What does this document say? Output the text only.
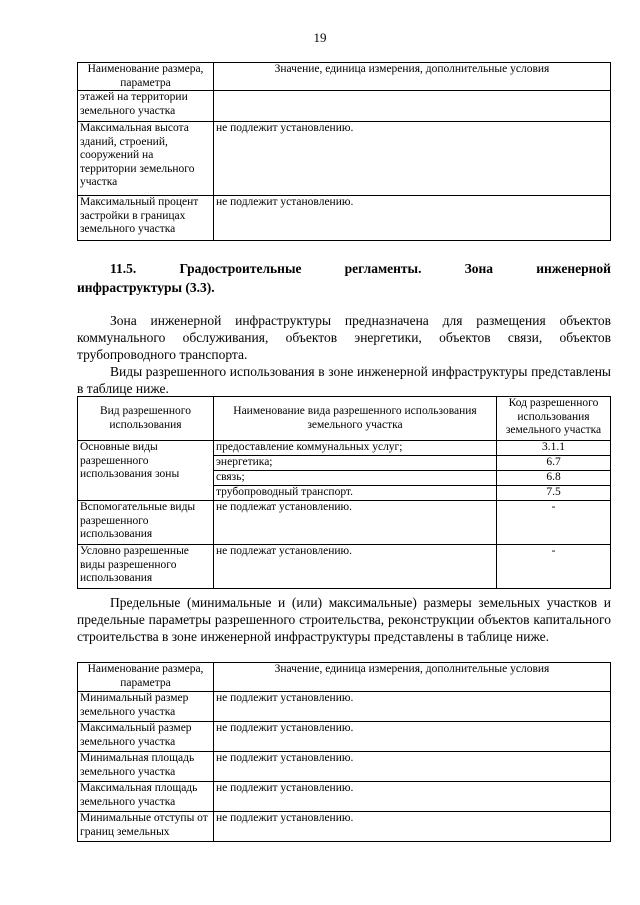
19
Наименование размера, параметра	Значение, единица измерения, дополнительные условия
этажей на территории земельного участка	
Максимальная высота зданий, строений, сооружений на территории земельного участка	не подлежит установлению.
Максимальный процент застройки в границах земельного участка	не подлежит установлению.
11.5.	Градостроительные	регламенты.	Зона	инженерной
инфраструктуры (3.3).

Зона инженерной инфраструктуры предназначена для размещения объектов коммунального обслуживания, объектов энергетики, объектов связи, объектов трубопроводного транспорта.

Виды разрешенного использования в зоне инженерной инфраструктуры представлены в таблице ниже.

Вид разрешенного использования	Наименование вида разрешенного использования земельного участка	Код разрешенного использования земельного участка
Основные виды разрешенного использования зоны	предоставление коммунальных услуг;	3.1.1
	энергетика;	6.7
	связь;	6.8
	трубопроводный транспорт.	7.5
Вспомогательные виды разрешенного использования	не подлежат установлению.	-
Условно разрешенные виды разрешенного использования	не подлежат установлению.	-

Предельные (минимальные и (или) максимальные) размеры земельных участков и предельные параметры разрешенного строительства, реконструкции объектов капитального строительства в зоне инженерной инфраструктуры представлены в таблице ниже.

Наименование размера, параметра	Значение, единица измерения, дополнительные условия
Минимальный размер земельного участка	не подлежит установлению.
Максимальный размер земельного участка	не подлежит установлению.
Минимальная площадь земельного участка	не подлежит установлению.
Максимальная площадь земельного участка	не подлежит установлению.
Минимальные отступы от границ земельных	не подлежит установлению.
